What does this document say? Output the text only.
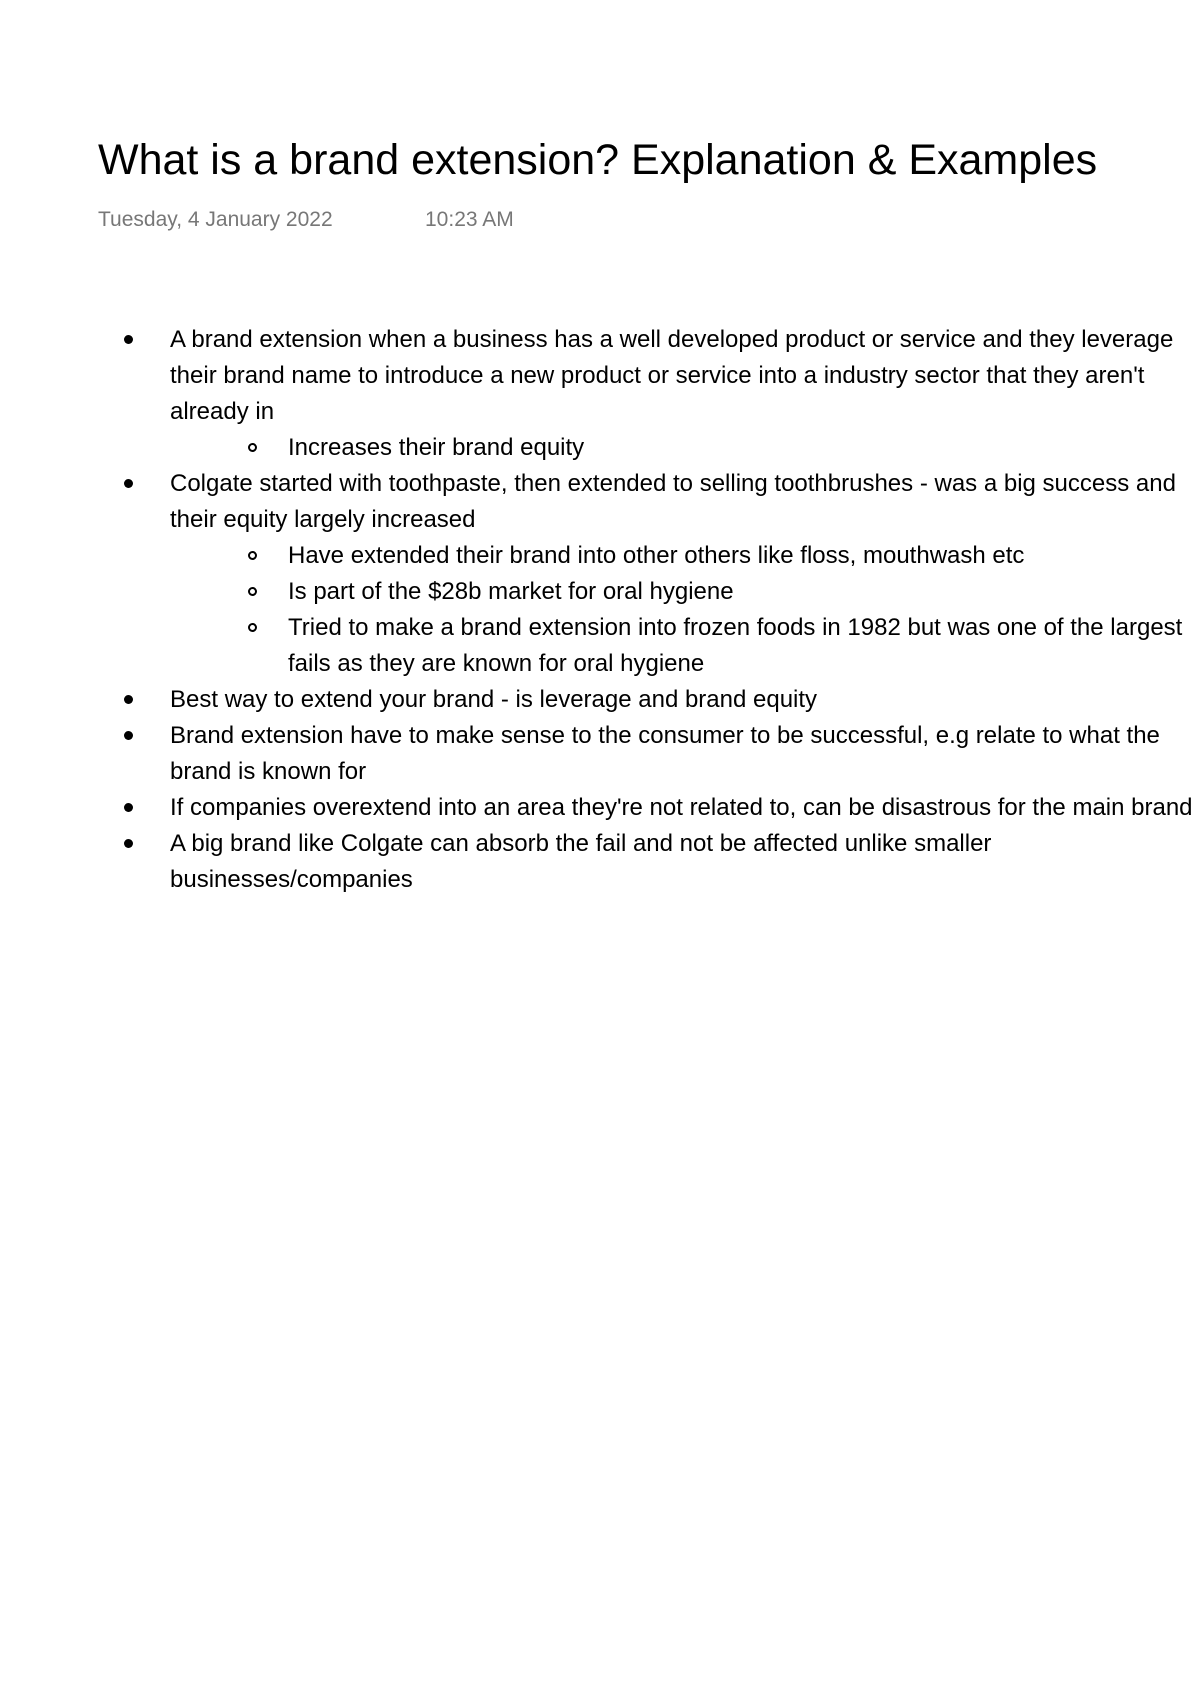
What is a brand extension? Explanation & Examples
Tuesday, 4 January 2022	10:23 AM
A brand extension when a business has a well developed product or service and they leverage their brand name to introduce a new product or service into a industry sector that they aren't already in
Increases their brand equity
Colgate started with toothpaste, then extended to selling toothbrushes - was a big success and their equity largely increased
Have extended their brand into other others like floss, mouthwash etc
Is part of the $28b market for oral hygiene
Tried to make a brand extension into frozen foods in 1982 but was one of the largest fails as they are known for oral hygiene
Best way to extend your brand - is leverage and brand equity
Brand extension have to make sense to the consumer to be successful, e.g relate to what the brand is known for
If companies overextend into an area they're not related to, can be disastrous for the main brand
A big brand like Colgate can absorb the fail and not be affected unlike smaller businesses/companies
